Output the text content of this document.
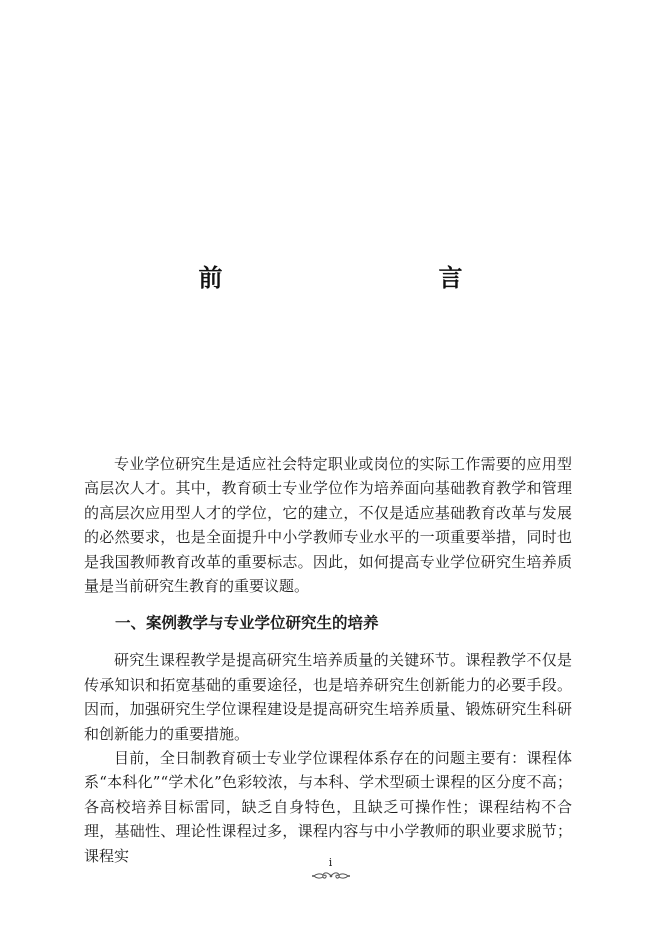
前　　言

专业学位研究生是适应社会特定职业或岗位的实际工作需要的应用型高层次人才。其中，教育硕士专业学位作为培养面向基础教育教学和管理的高层次应用型人才的学位，它的建立，不仅是适应基础教育改革与发展的必然要求，也是全面提升中小学教师专业水平的一项重要举措，同时也是我国教师教育改革的重要标志。因此，如何提高专业学位研究生培养质量是当前研究生教育的重要议题。

一、案例教学与专业学位研究生的培养

研究生课程教学是提高研究生培养质量的关键环节。课程教学不仅是传承知识和拓宽基础的重要途径，也是培养研究生创新能力的必要手段。因而，加强研究生学位课程建设是提高研究生培养质量、锻炼研究生科研和创新能力的重要措施。

目前，全日制教育硕士专业学位课程体系存在的问题主要有：课程体系“本科化”“学术化”色彩较浓，与本科、学术型硕士课程的区分度不高；各高校培养目标雷同，缺乏自身特色，且缺乏可操作性；课程结构不合理，基础性、理论性课程过多，课程内容与中小学教师的职业要求脱节；课程实	i
